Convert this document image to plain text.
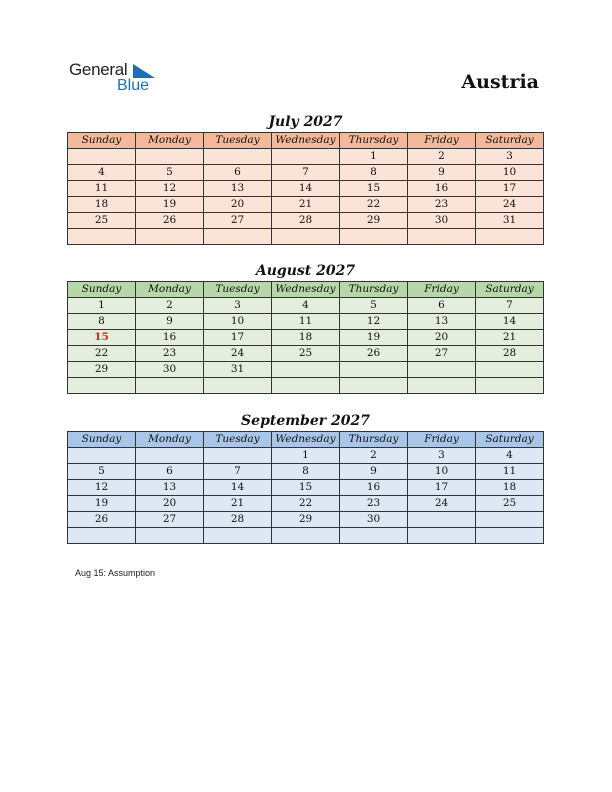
General
Blue	Austria
July 2027
Sunday	Monday	Tuesday	Wednesday	Thursday	Friday	Saturday
				1	2	3
4	5	6	7	8	9	10
11	12	13	14	15	16	17
18	19	20	21	22	23	24
25	26	27	28	29	30	31

August 2027
Sunday	Monday	Tuesday	Wednesday	Thursday	Friday	Saturday
1	2	3	4	5	6	7
8	9	10	11	12	13	14
15	16	17	18	19	20	21
22	23	24	25	26	27	28
29	30	31				

September 2027
Sunday	Monday	Tuesday	Wednesday	Thursday	Friday	Saturday
			1	2	3	4
5	6	7	8	9	10	11
12	13	14	15	16	17	18
19	20	21	22	23	24	25
26	27	28	29	30		

Aug 15: Assumption
